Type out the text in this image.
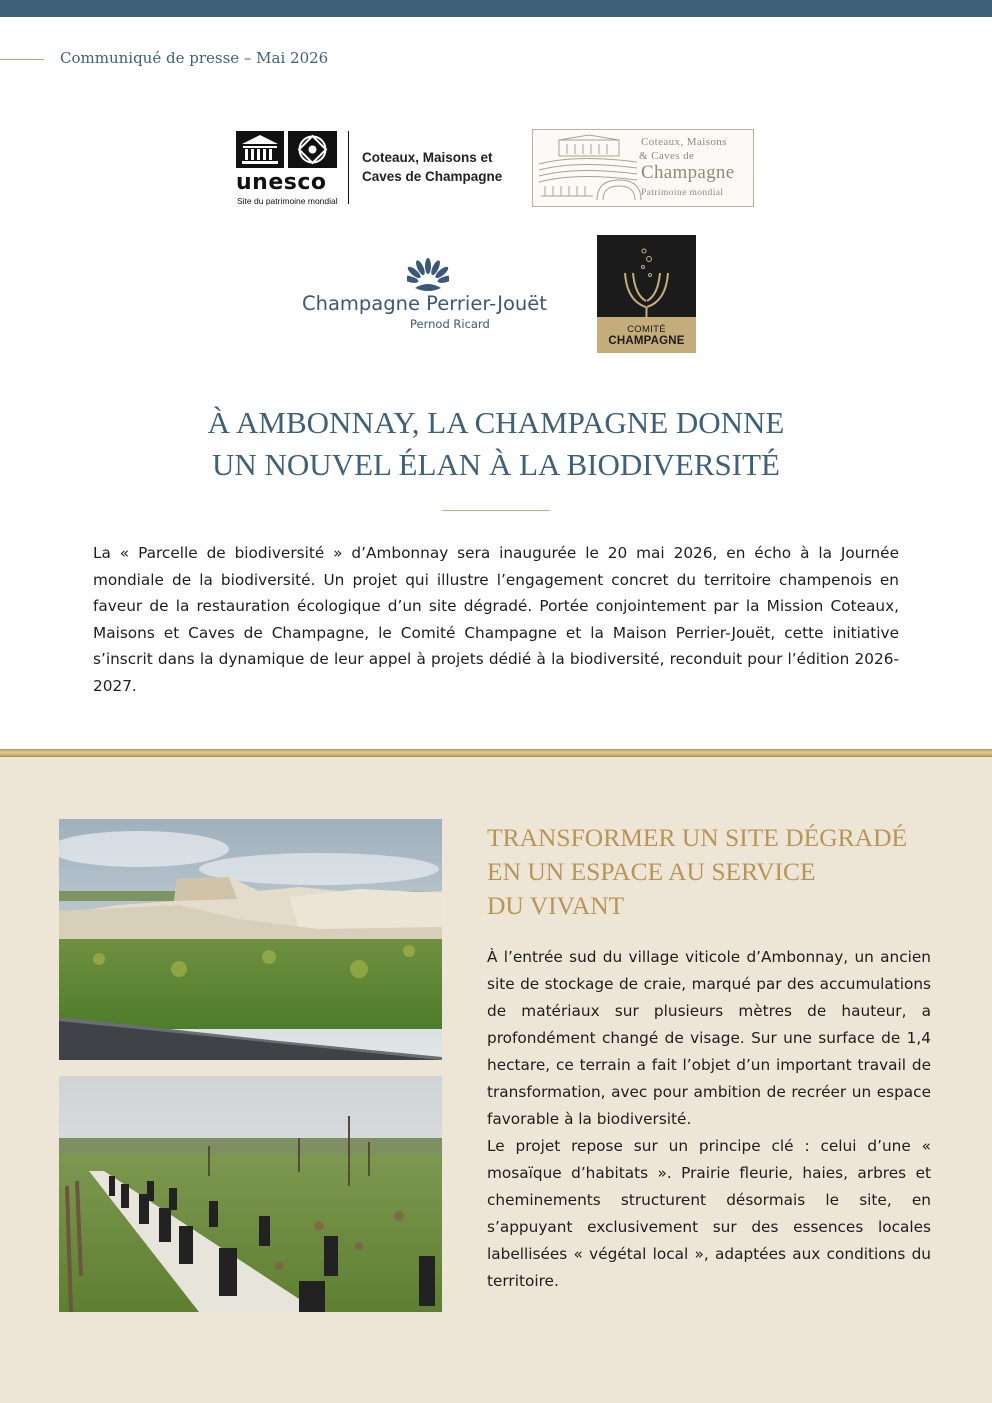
Communiqué de presse – Mai 2026
unesco
Site du patrimoine mondial
Coteaux, Maisons et Caves de Champagne
Coteaux, Maisons
& Caves de
Champagne
Patrimoine mondial
Champagne Perrier-Jouët
Pernod Ricard	COMITÉ
CHAMPAGNE
À AMBONNAY, LA CHAMPAGNE DONNE
UN NOUVEL ÉLAN À LA BIODIVERSITÉ
La « Parcelle de biodiversité » d’Ambonnay sera inaugurée le 20 mai 2026, en écho à la Journée mondiale de la biodiversité. Un projet qui illustre l’engagement concret du territoire champenois en faveur de la restauration écologique d’un site dégradé. Portée conjointement par la Mission Coteaux, Maisons et Caves de Champagne, le Comité Champagne et la Maison Perrier-Jouët, cette initiative s’inscrit dans la dynamique de leur appel à projets dédié à la biodiversité, reconduit pour l’édition 2026-2027.
TRANSFORMER UN SITE DÉGRADÉ
EN UN ESPACE AU SERVICE
DU VIVANT

À l’entrée sud du village viticole d’Ambonnay, un ancien site de stockage de craie, marqué par des accumulations de matériaux sur plusieurs mètres de hauteur, a profondément changé de visage. Sur une surface de 1,4 hectare, ce terrain a fait l’objet d’un important travail de transformation, avec pour ambition de recréer un espace favorable à la biodiversité.

Le projet repose sur un principe clé : celui d’une « mosaïque d’habitats ». Prairie fleurie, haies, arbres et cheminements structurent désormais le site, en s’appuyant exclusivement sur des essences locales labellisées « végétal local », adaptées aux conditions du territoire.
